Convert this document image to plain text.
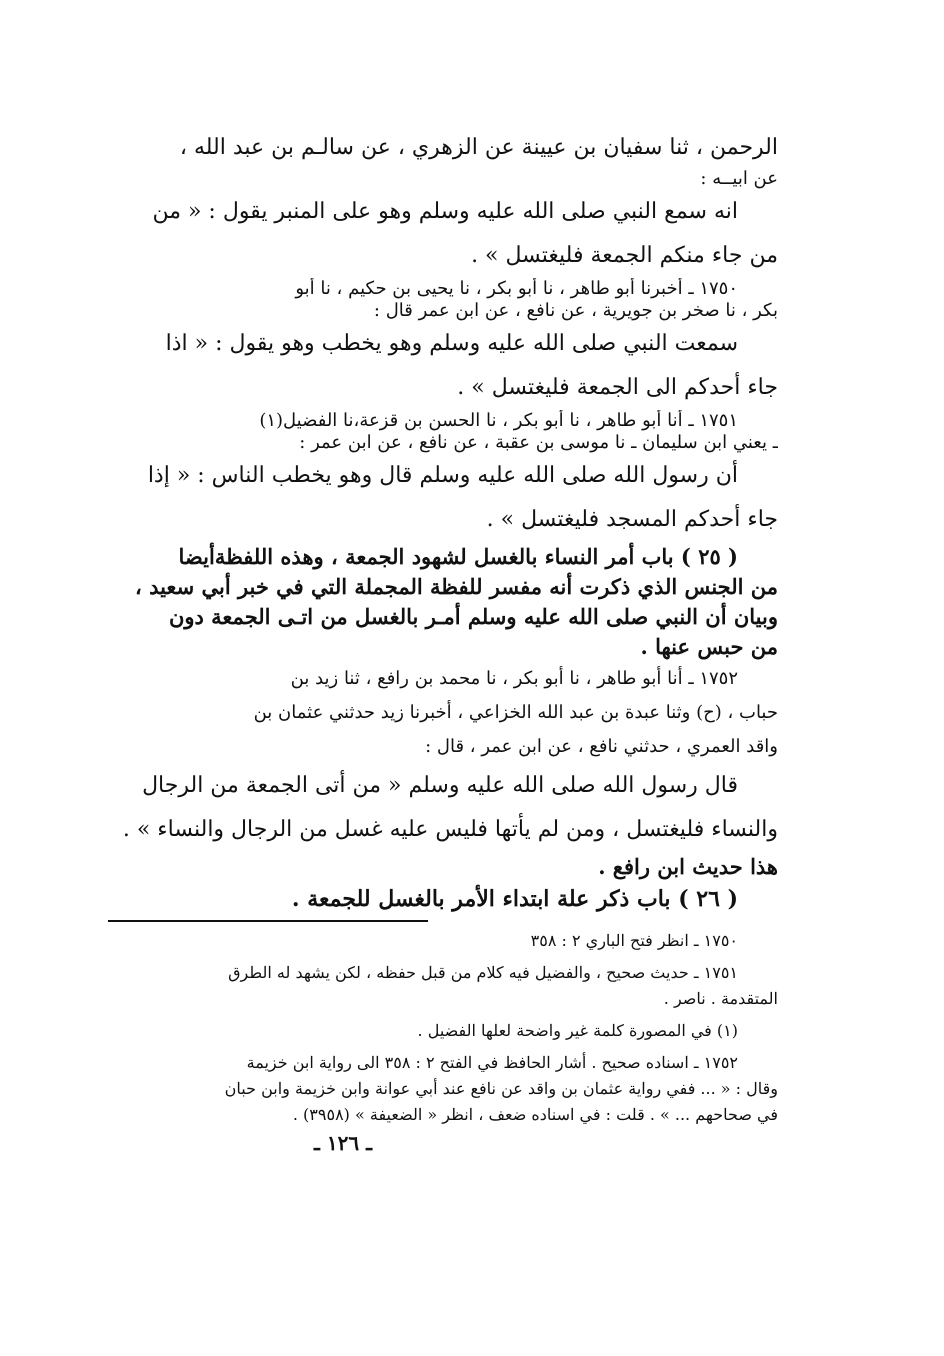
الرحمن ، ثنا سفيان بن عيينة عن الزهري ، عن سالـم بن عبد الله ،
عن ابيــه :
انه سمع النبي صلى الله عليه وسلم وهو على المنبر يقول : « من
من جاء منكم الجمعة فليغتسل » .
١٧٥٠ ـ أخبرنا أبو طاهر ، نا أبو بكر ، نا يحيى بن حكيم ، نا أبو
بكر ، نا صخر بن جويرية ، عن نافع ، عن ابن عمر قال :
سمعت النبي صلى الله عليه وسلم وهو يخطب وهو يقول : « اذا
جاء أحدكم الى الجمعة فليغتسل » .
١٧٥١ ـ أنا أبو طاهر ، نا أبو بكر ، نا الحسن بن قزعة،نا الفضيل(١)
ـ يعني ابن سليمان ـ نا موسى بن عقبة ، عن نافع ، عن ابن عمر :
أن رسول الله صلى الله عليه وسلم قال وهو يخطب الناس : « إذا
جاء أحدكم المسجد فليغتسل » .
( ٢٥ ) باب أمر النساء بالغسل لشهود الجمعة ، وهذه اللفظةأيضا
من الجنس الذي ذكرت أنه مفسر للفظة المجملة التي في خبر أبي سعيد ،
وبيان أن النبي صلى الله عليه وسلم أمـر بالغسل من اتـى الجمعة دون
من حبس عنها .
١٧٥٢ ـ أنا أبو طاهر ، نا أبو بكر ، نا محمد بن رافع ، ثنا زيد بن
حباب ، (ح) وثنا عبدة بن عبد الله الخزاعي ، أخبرنا زيد حدثني عثمان بن
واقد العمري ، حدثني نافع ، عن ابن عمر ، قال :
قال رسول الله صلى الله عليه وسلم « من أتى الجمعة من الرجال
والنساء فليغتسل ، ومن لم يأتها فليس عليه غسل من الرجال والنساء » .
هذا حديث ابن رافع .
( ٢٦ ) باب ذكر علة ابتداء الأمر بالغسل للجمعة .
١٧٥٠ ـ انظر فتح الباري ٢ : ٣٥٨
١٧٥١ ـ حديث صحيح ، والفضيل فيه كلام من قبل حفظه ، لكن يشهد له الطرق
المتقدمة . ناصر .
(١) في المصورة كلمة غير واضحة لعلها الفضيل .
١٧٥٢ ـ اسناده صحيح . أشار الحافظ في الفتح ٢ : ٣٥٨ الى رواية ابن خزيمة
وقال : « ... ففي رواية عثمان بن واقد عن نافع عند أبي عوانة وابن خزيمة وابن حبان
في صحاحهم ... » . قلت : في اسناده ضعف ، انظر « الضعيفة » (٣٩٥٨) .
ـ ١٢٦ ـ
